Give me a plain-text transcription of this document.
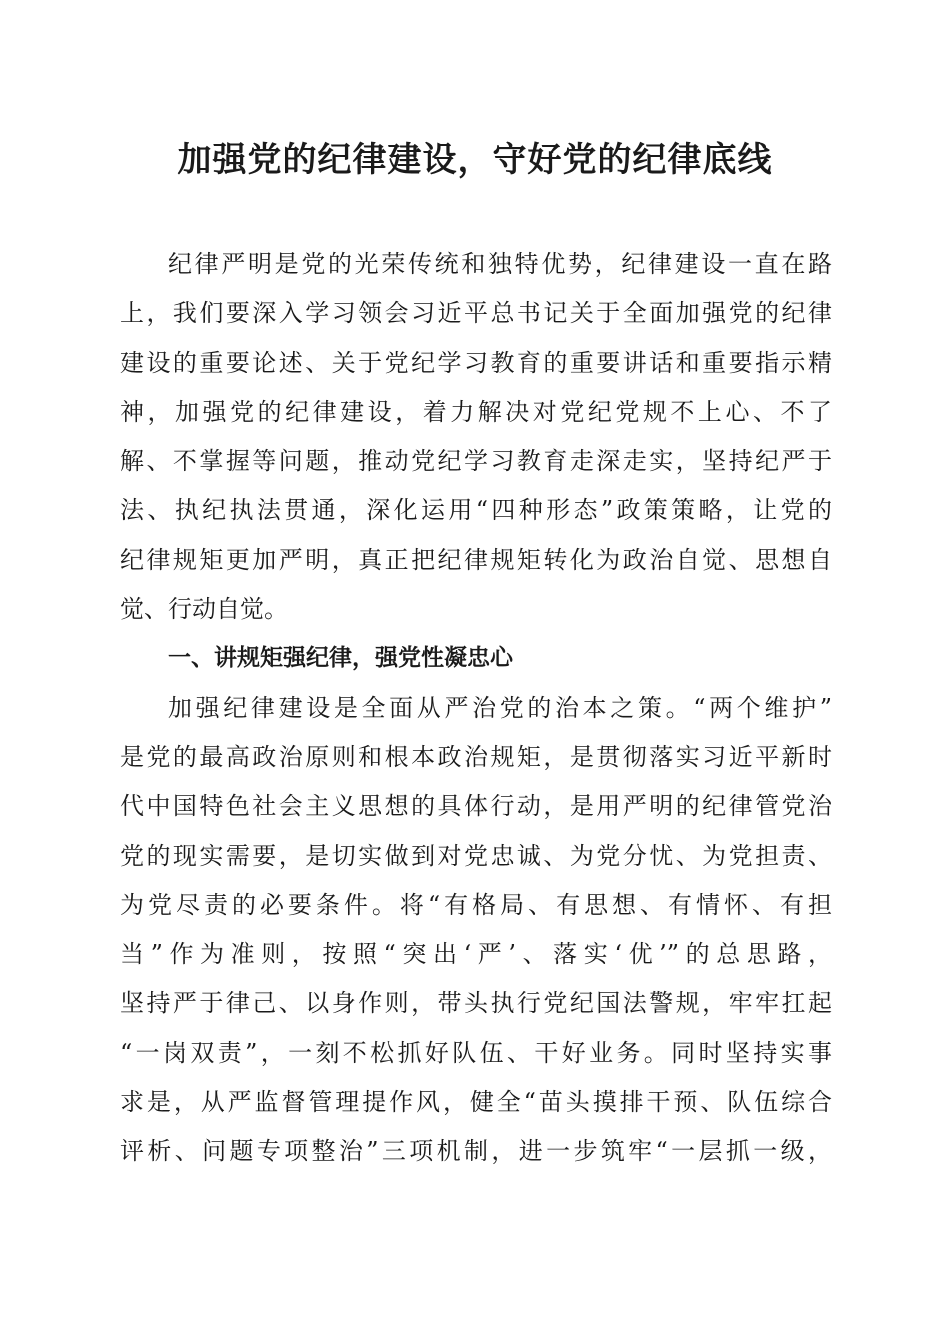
加强党的纪律建设，守好党的纪律底线
纪律严明是党的光荣传统和独特优势，纪律建设一直在路
上，我们要深入学习领会习近平总书记关于全面加强党的纪律
建设的重要论述、关于党纪学习教育的重要讲话和重要指示精
神，加强党的纪律建设，着力解决对党纪党规不上心、不了
解、不掌握等问题，推动党纪学习教育走深走实，坚持纪严于
法、执纪执法贯通，深化运用“四种形态”政策策略，让党的
纪律规矩更加严明，真正把纪律规矩转化为政治自觉、思想自
觉、行动自觉。
一、讲规矩强纪律，强党性凝忠心
加强纪律建设是全面从严治党的治本之策。“两个维护”
是党的最高政治原则和根本政治规矩，是贯彻落实习近平新时
代中国特色社会主义思想的具体行动，是用严明的纪律管党治
党的现实需要，是切实做到对党忠诚、为党分忧、为党担责、
为党尽责的必要条件。将“有格局、有思想、有情怀、有担
当”作为准则，按照“突出‘严’、落实‘优’”的总思路，
坚持严于律己、以身作则，带头执行党纪国法警规，牢牢扛起
“一岗双责”，一刻不松抓好队伍、干好业务。同时坚持实事
求是，从严监督管理提作风，健全“苗头摸排干预、队伍综合
评析、问题专项整治”三项机制，进一步筑牢“一层抓一级，
